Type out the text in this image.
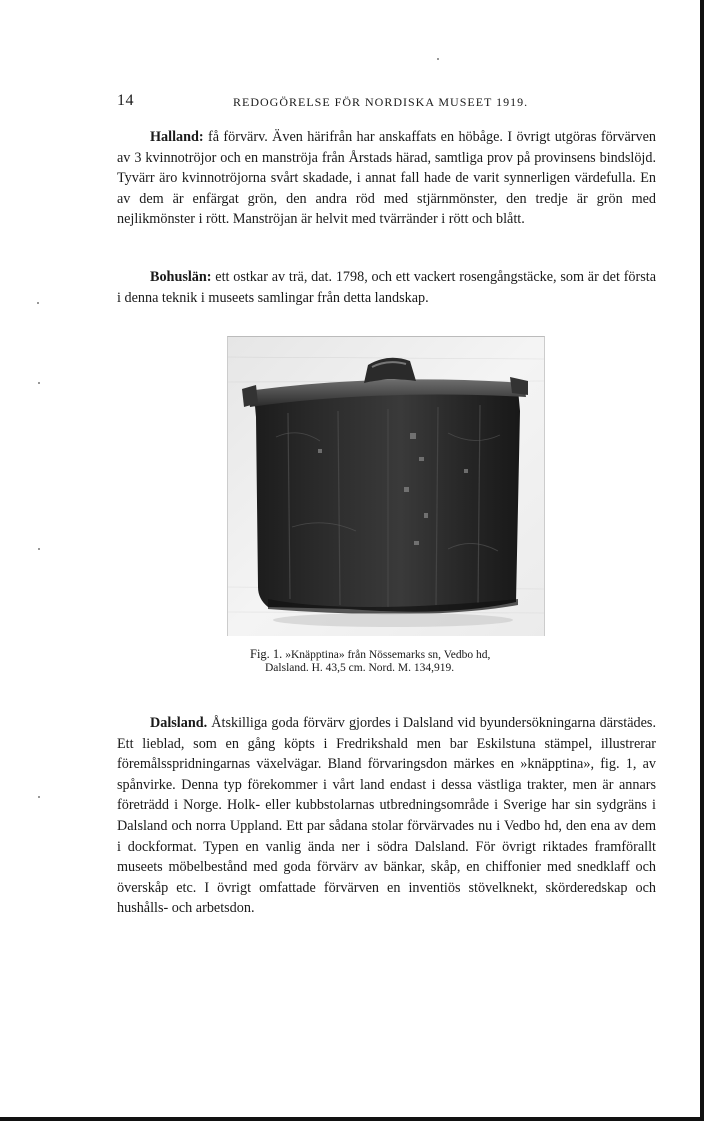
14	REDOGÖRELSE FÖR NORDISKA MUSEET 1919.

Halland: få förvärv. Även härifrån har anskaffats en höbåge. I övrigt utgöras förvärven av 3 kvinnotröjor och en manströja från Årstads härad, samtliga prov på provinsens bindslöjd. Tyvärr äro kvinnotröjorna svårt skadade, i annat fall hade de varit synnerligen värdefulla. En av dem är enfärgat grön, den andra röd med stjärnmönster, den tredje är grön med nejlikmönster i rött. Manströjan är helvit med tvärränder i rött och blått.

Bohuslän: ett ostkar av trä, dat. 1798, och ett vackert rosengångstäcke, som är det första i denna teknik i museets samlingar från detta landskap.

Fig. 1. »Knäpptina» från Nössemarks sn, Vedbo hd,
Dalsland. H. 43,5 cm. Nord. M. 134,919.

Dalsland. Åtskilliga goda förvärv gjordes i Dalsland vid byundersökningarna därstädes. Ett lieblad, som en gång köpts i Fredrikshald men bar Eskilstuna stämpel, illustrerar föremålsspridningarnas växelvägar. Bland förvaringsdon märkes en »knäpptina», fig. 1, av spånvirke. Denna typ förekommer i vårt land endast i dessa västliga trakter, men är annars företrädd i Norge. Holk- eller kubbstolarnas utbredningsområde i Sverige har sin sydgräns i Dalsland och norra Uppland. Ett par sådana stolar förvärvades nu i Vedbo hd, den ena av dem i dockformat. Typen en vanlig ända ner i södra Dalsland. För övrigt riktades framförallt museets möbelbestånd med goda förvärv av bänkar, skåp, en chiffonier med snedklaff och överskåp etc. I övrigt omfattade förvärven en inventiös stövelknekt, skörderedskap och hushålls- och arbetsdon.
